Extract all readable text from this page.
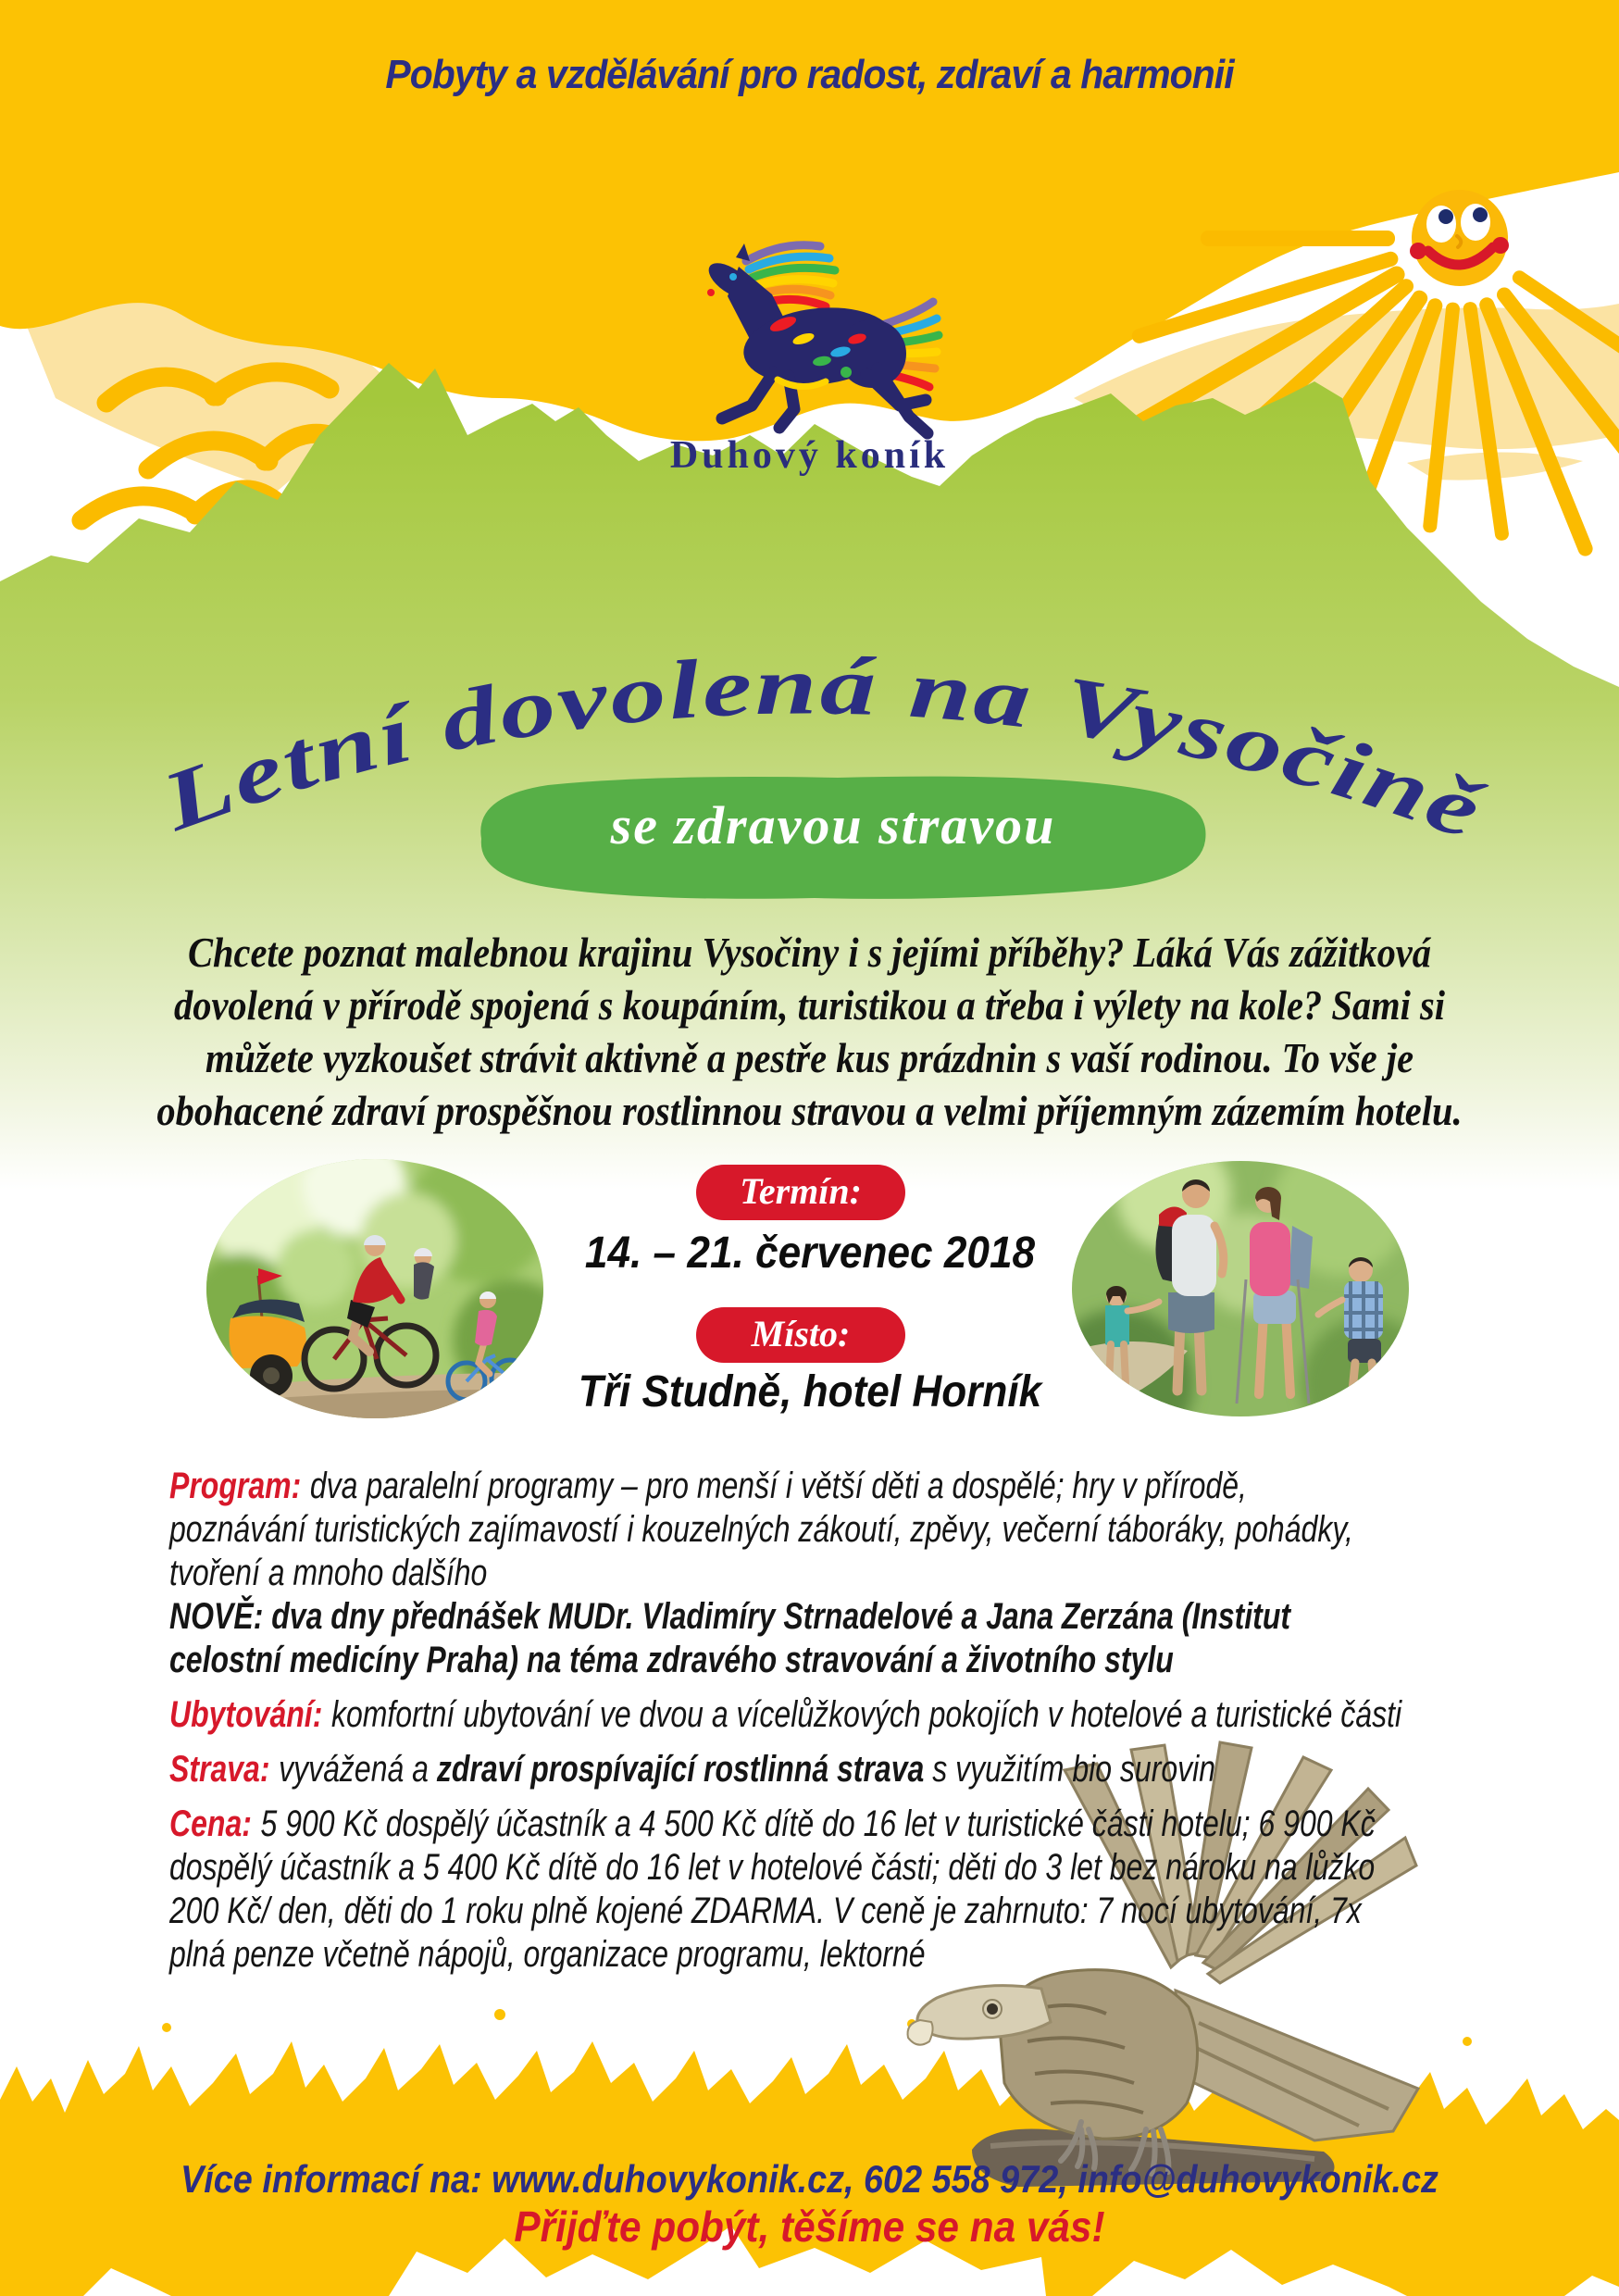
Letní dovolená na Vysočině
Pobyty a vzdělávání pro radost, zdraví a harmonii
Duhový koník
se zdravou stravou
Chcete poznat malebnou krajinu Vysočiny i s jejími příběhy? Láká Vás zážitková
dovolená v přírodě spojená s koupáním, turistikou a třeba i výlety na kole? Sami si
můžete vyzkoušet strávit aktivně a pestře kus prázdnin s vaší rodinou. To vše je
obohacené zdraví prospěšnou rostlinnou stravou a velmi příjemným zázemím hotelu.
Termín:
14. – 21. červenec 2018
Místo:
Tři Studně, hotel Horník
Program: dva paralelní programy – pro menší i větší děti a dospělé; hry v přírodě,
poznávání turistických zajímavostí i kouzelných zákoutí, zpěvy, večerní táboráky, pohádky,
tvoření a mnoho dalšího
NOVĚ: dva dny přednášek MUDr. Vladimíry Strnadelové a Jana Zerzána (Institut
celostní medicíny Praha) na téma zdravého stravování a životního stylu
Ubytování: komfortní ubytování ve dvou a vícelůžkových pokojích v hotelové a turistické části
Strava: vyvážená a zdraví prospívající rostlinná strava s využitím bio surovin
Cena: 5 900 Kč dospělý účastník a 4 500 Kč dítě do 16 let v turistické části hotelu; 6 900 Kč
dospělý účastník a 5 400 Kč dítě do 16 let v hotelové části; děti do 3 let bez nároku na lůžko
200 Kč/ den, děti do 1 roku plně kojené ZDARMA. V ceně je zahrnuto: 7 nocí ubytování, 7x
plná penze včetně nápojů, organizace programu, lektorné
Více informací na: www.duhovykonik.cz, 602 558 972, info@duhovykonik.cz
Přijďte pobýt, těšíme se na vás!
